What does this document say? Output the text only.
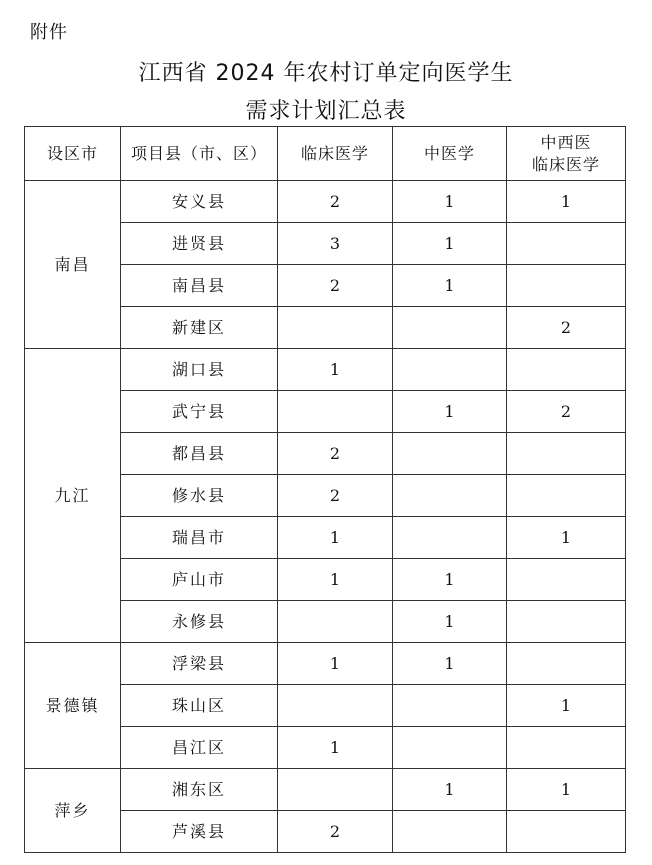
附件
江西省 2024 年农村订单定向医学生
需求计划汇总表
设区市	项目县（市、区）	临床医学	中医学	中西医
临床医学

南昌	安义县	2	1	1
	进贤县	3	1	
	南昌县	2	1	
	新建区			2
九江	湖口县	1		
	武宁县		1	2
	都昌县	2		
	修水县	2		
	瑞昌市	1		1
	庐山市	1	1	
	永修县		1	
景德镇	浮梁县	1	1	
	珠山区			1
	昌江区	1		
萍乡	湘东区		1	1
	芦溪县	2		
